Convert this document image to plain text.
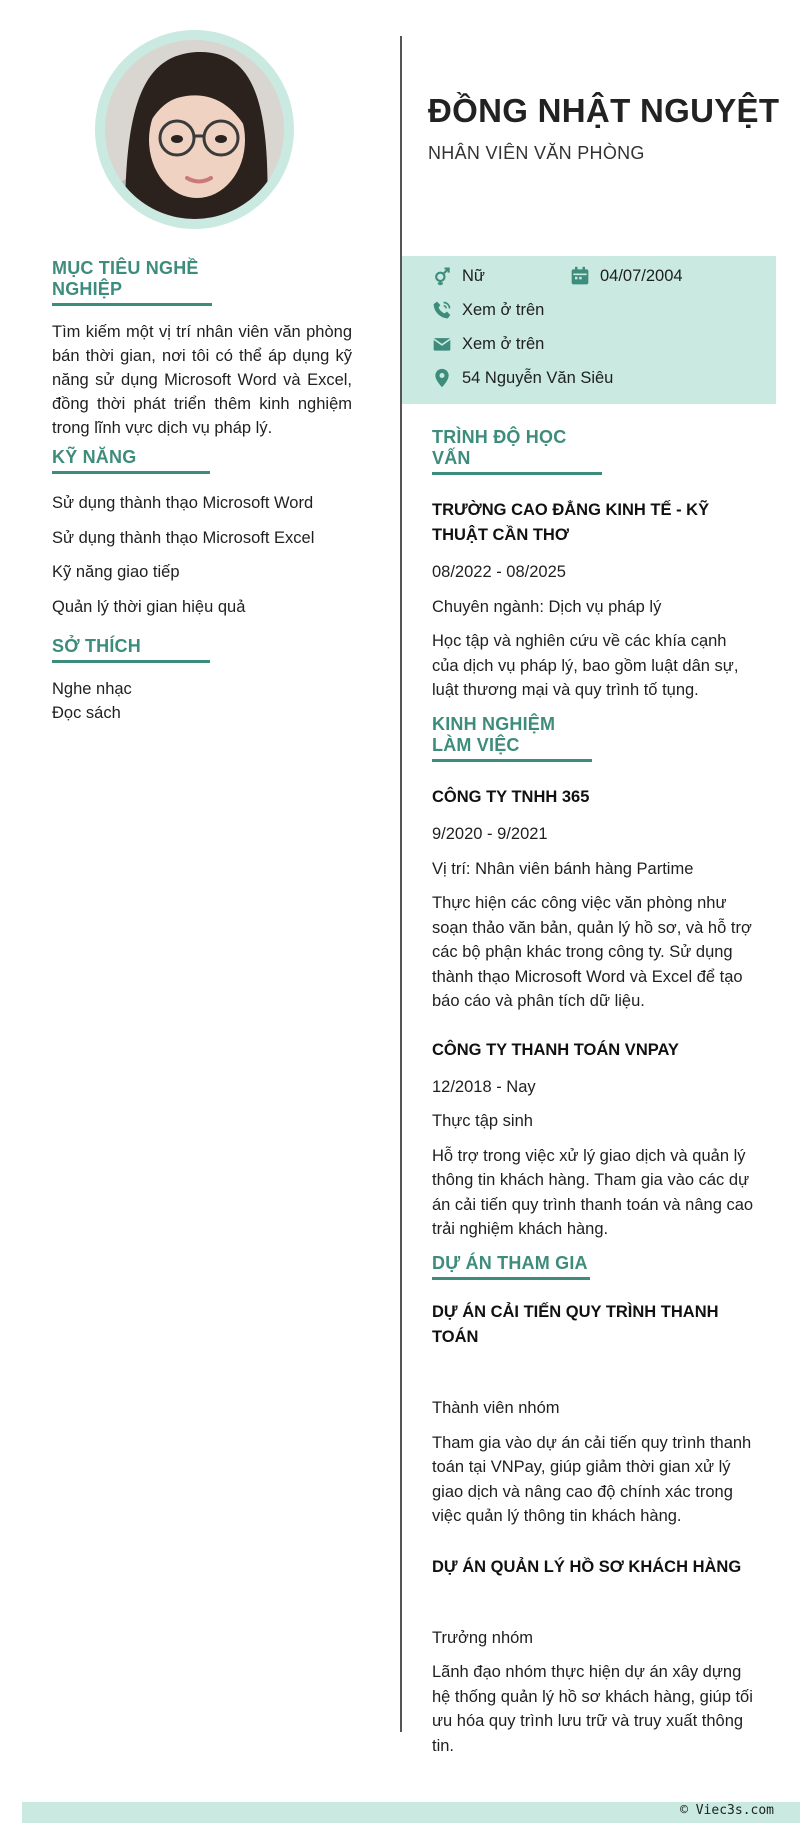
MỤC TIÊU NGHỀ NGHIỆP
Tìm kiếm một vị trí nhân viên văn phòng bán thời gian, nơi tôi có thể áp dụng kỹ năng sử dụng Microsoft Word và Excel, đồng thời phát triển thêm kinh nghiệm trong lĩnh vực dịch vụ pháp lý.
KỸ NĂNG
Sử dụng thành thạo Microsoft Word
Sử dụng thành thạo Microsoft Excel
Kỹ năng giao tiếp
Quản lý thời gian hiệu quả
SỞ THÍCH
Nghe nhạc
Đọc sách
ĐỒNG NHẬT NGUYỆT
NHÂN VIÊN VĂN PHÒNG
Nữ	04/07/2004
Xem ở trên
Xem ở trên
54 Nguyễn Văn Siêu
TRÌNH ĐỘ HỌC VẤN
TRƯỜNG CAO ĐẲNG KINH TẾ - KỸ THUẬT CẦN THƠ
08/2022 - 08/2025
Chuyên ngành: Dịch vụ pháp lý
Học tập và nghiên cứu về các khía cạnh của dịch vụ pháp lý, bao gồm luật dân sự, luật thương mại và quy trình tố tụng.
KINH NGHIỆM LÀM VIỆC
CÔNG TY TNHH 365
9/2020 - 9/2021
Vị trí: Nhân viên bánh hàng Partime
Thực hiện các công việc văn phòng như soạn thảo văn bản, quản lý hồ sơ, và hỗ trợ các bộ phận khác trong công ty. Sử dụng thành thạo Microsoft Word và Excel để tạo báo cáo và phân tích dữ liệu.
CÔNG TY THANH TOÁN VNPAY
12/2018 - Nay
Thực tập sinh
Hỗ trợ trong việc xử lý giao dịch và quản lý thông tin khách hàng. Tham gia vào các dự án cải tiến quy trình thanh toán và nâng cao trải nghiệm khách hàng.
DỰ ÁN THAM GIA
DỰ ÁN CẢI TIẾN QUY TRÌNH THANH TOÁN
Thành viên nhóm
Tham gia vào dự án cải tiến quy trình thanh toán tại VNPay, giúp giảm thời gian xử lý giao dịch và nâng cao độ chính xác trong việc quản lý thông tin khách hàng.
DỰ ÁN QUẢN LÝ HỒ SƠ KHÁCH HÀNG
Trưởng nhóm
Lãnh đạo nhóm thực hiện dự án xây dựng hệ thống quản lý hồ sơ khách hàng, giúp tối ưu hóa quy trình lưu trữ và truy xuất thông tin.
© Viec3s.com
